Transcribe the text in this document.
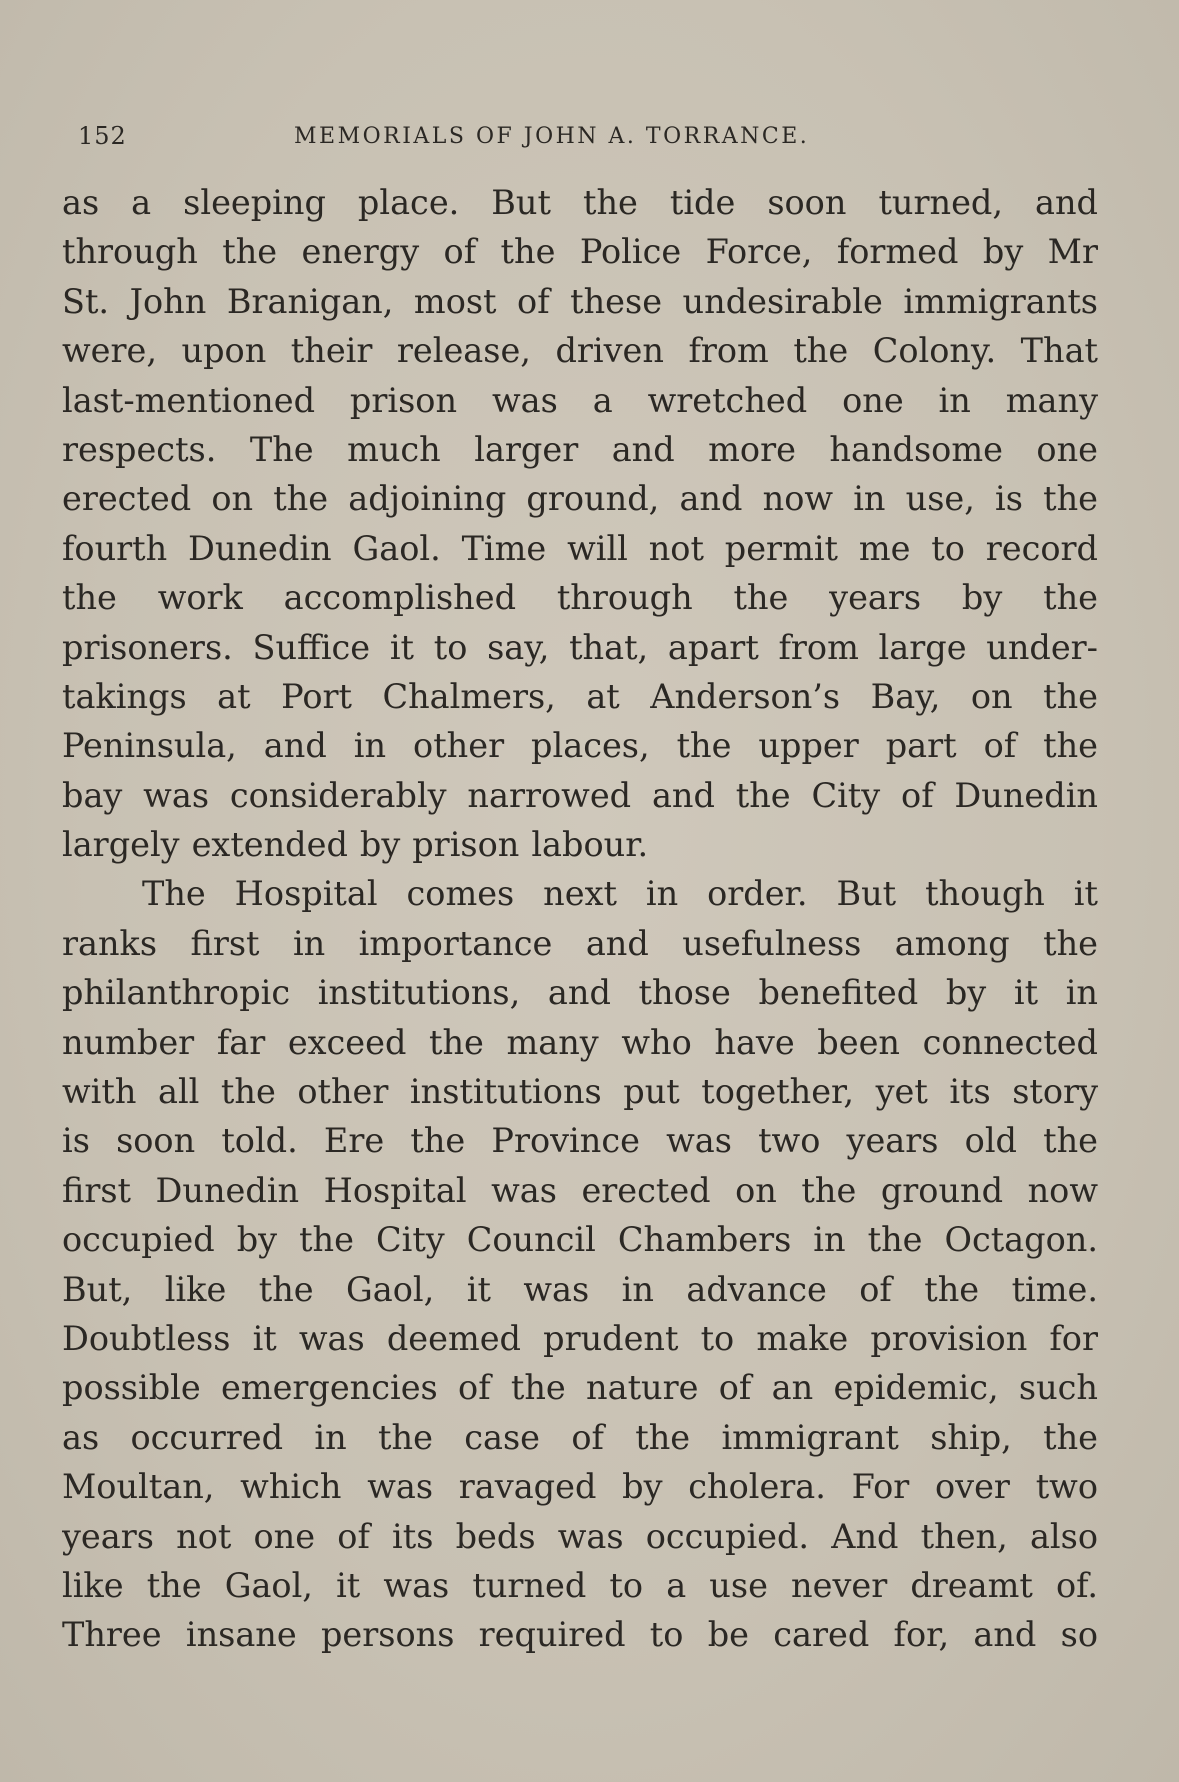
152	MEMORIALS OF JOHN A. TORRANCE.
as a sleeping place. But the tide soon turned, and
through the energy of the Police Force, formed by Mr
St. John Branigan, most of these undesirable immigrants
were, upon their release, driven from the Colony. That
last-mentioned prison was a wretched one in many
respects. The much larger and more handsome one
erected on the adjoining ground, and now in use, is the
fourth Dunedin Gaol. Time will not permit me to record
the work accomplished through the years by the
prisoners. Suffice it to say, that, apart from large under-
takings at Port Chalmers, at Anderson’s Bay, on the
Peninsula, and in other places, the upper part of the
bay was considerably narrowed and the City of Dunedin
largely extended by prison labour.
The Hospital comes next in order. But though it
ranks first in importance and usefulness among the
philanthropic institutions, and those benefited by it in
number far exceed the many who have been connected
with all the other institutions put together, yet its story
is soon told. Ere the Province was two years old the
first Dunedin Hospital was erected on the ground now
occupied by the City Council Chambers in the Octagon.
But, like the Gaol, it was in advance of the time.
Doubtless it was deemed prudent to make provision for
possible emergencies of the nature of an epidemic, such
as occurred in the case of the immigrant ship, the
Moultan, which was ravaged by cholera. For over two
years not one of its beds was occupied. And then, also
like the Gaol, it was turned to a use never dreamt of.
Three insane persons required to be cared for, and so
